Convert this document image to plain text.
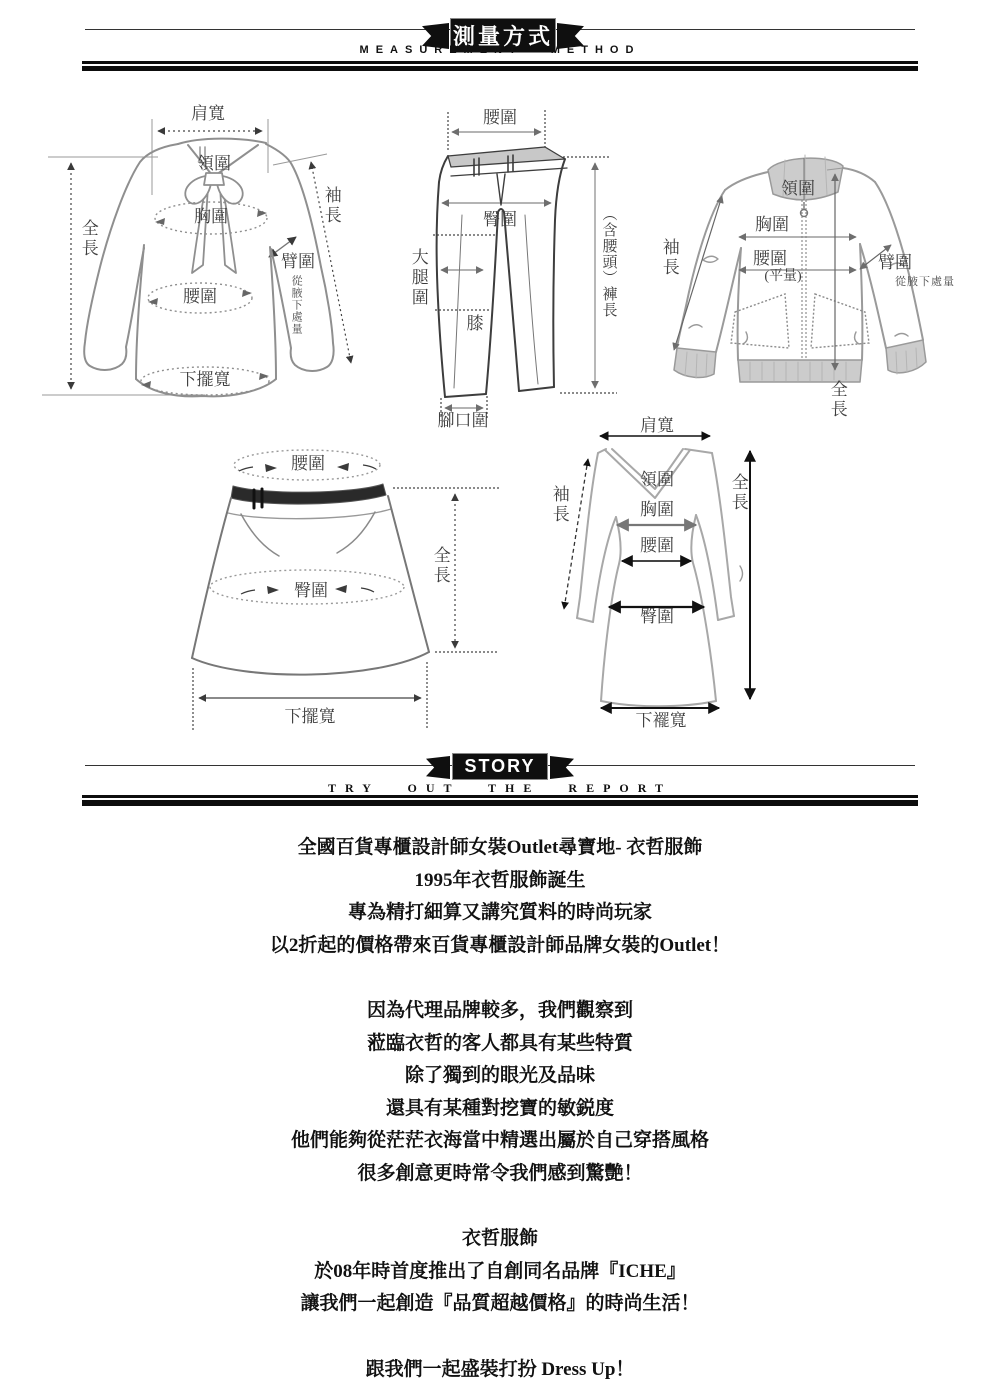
測量方式
MEASUREMENT METHOD
肩寬
領圍
胸圍
腰圍
下擺寬
全長
袖長
臂圍
從腋下處量
腰圍
臀圍
大腿圍
膝
（含腰頭）褲長
腳口圍
領圍
胸圍
腰圍
(平量)
袖長	臂圍
從腋下處量
全長
腰圍
臀圍
全長
下擺寬
肩寬
領圍
袖長	胸圍
腰圍
臀圍
全長
下襬寬
STORY
TRY OUT THE REPORT

全國百貨專櫃設計師女裝Outlet尋寶地- 衣哲服飾
1995年衣哲服飾誕生
專為精打細算又講究質料的時尚玩家
以2折起的價格帶來百貨專櫃設計師品牌女裝的Outlet！

因為代理品牌較多，我們觀察到
蒞臨衣哲的客人都具有某些特質
除了獨到的眼光及品味
還具有某種對挖寶的敏鋭度
他們能夠從茫茫衣海當中精選出屬於自己穿搭風格
很多創意更時常令我們感到驚艷！

衣哲服飾
於08年時首度推出了自創同名品牌『ICHE』
讓我們一起創造『品質超越價格』的時尚生活！

跟我們一起盛裝打扮 Dress Up！
